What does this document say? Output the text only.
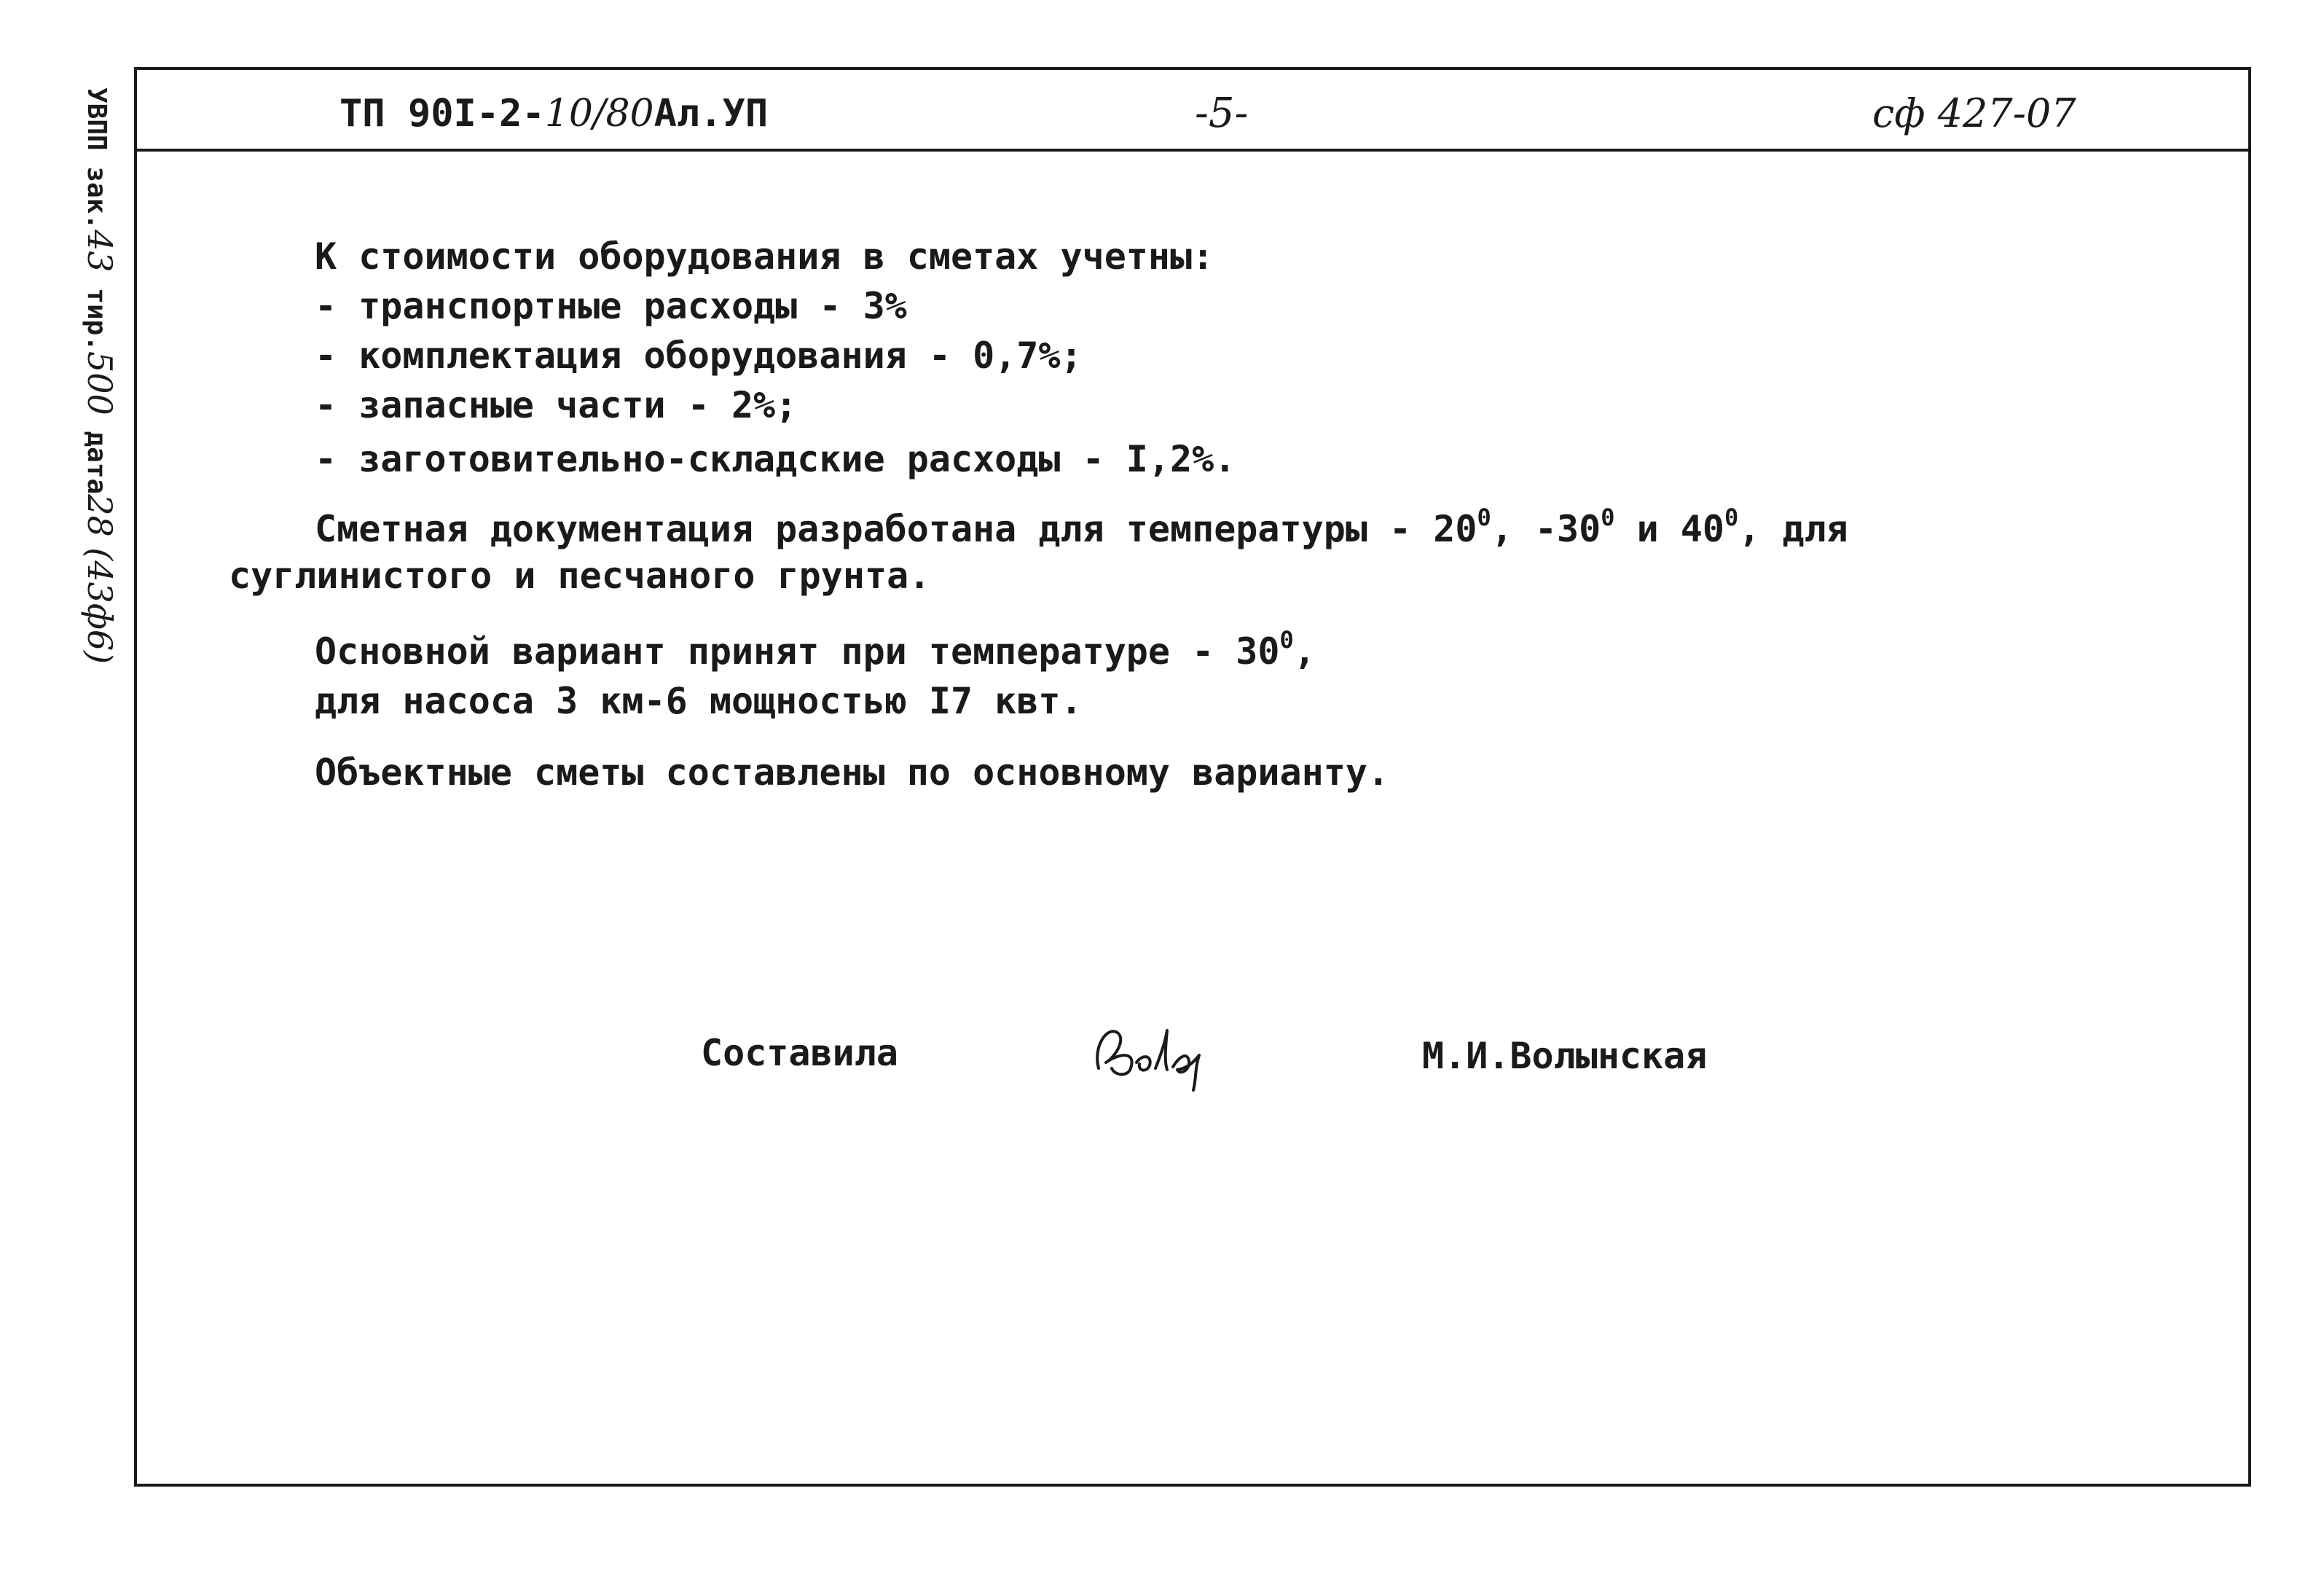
ТП 90I-2-10/80Ал.УП	-5-	сф 427-07
УВПП зак.43 тир.500 дата28 (43ф6)
К стоимости оборудования в сметах учетны:
- транспортные расходы - 3%
- комплектация оборудования - 0,7%;
- запасные части - 2%;
- заготовительно-складские расходы - I,2%.
Сметная документация разработана для температуры - $20^0$, $-30^0$ и $40^0$, для
суглинистого и песчаного грунта.
Основной вариант принят при температуре - $30^0$,
для насоса 3 км-6 мощностью I7 квт.
Объектные сметы составлены по основному варианту.
Составила	М.И.Волынская
